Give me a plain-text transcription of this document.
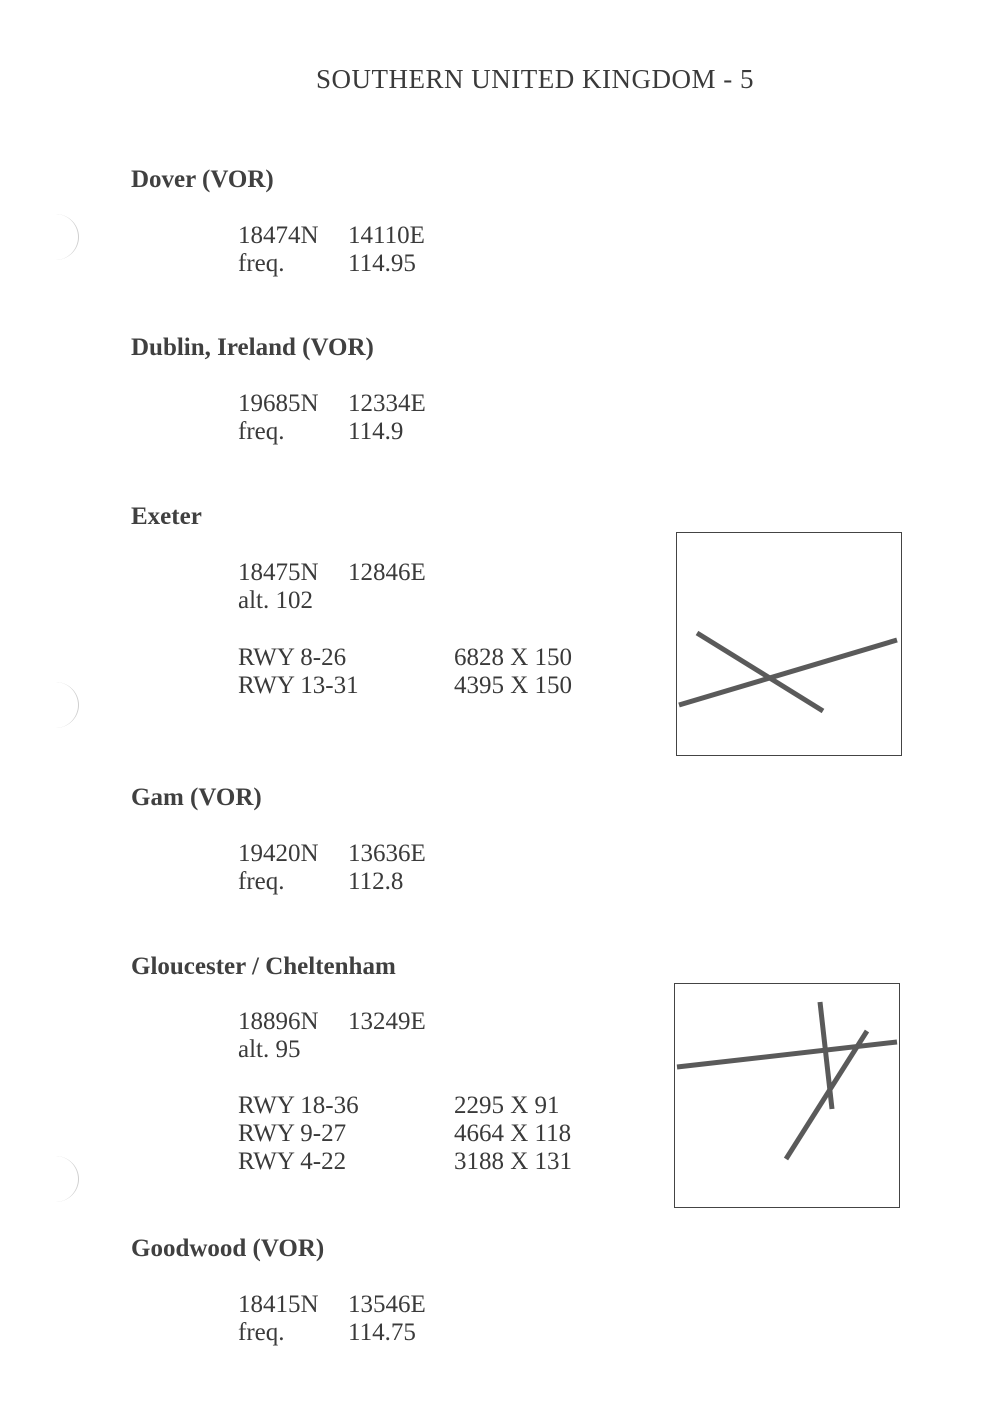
SOUTHERN UNITED KINGDOM - 5
Dover (VOR)
18474N 14110E
freq.	114.95
Dublin, Ireland (VOR)
19685N 12334E
freq.	114.9
Exeter
18475N 12846E
alt. 102
RWY 8-26	6828 X 150
RWY 13-31	4395 X 150
Gam (VOR)
19420N 13636E
freq.	112.8
Gloucester / Cheltenham
18896N 13249E
alt. 95
RWY 18-36	2295 X 91
RWY 9-27	4664 X 118
RWY 4-22	3188 X 131
Goodwood (VOR)
18415N 13546E
freq.	114.75
